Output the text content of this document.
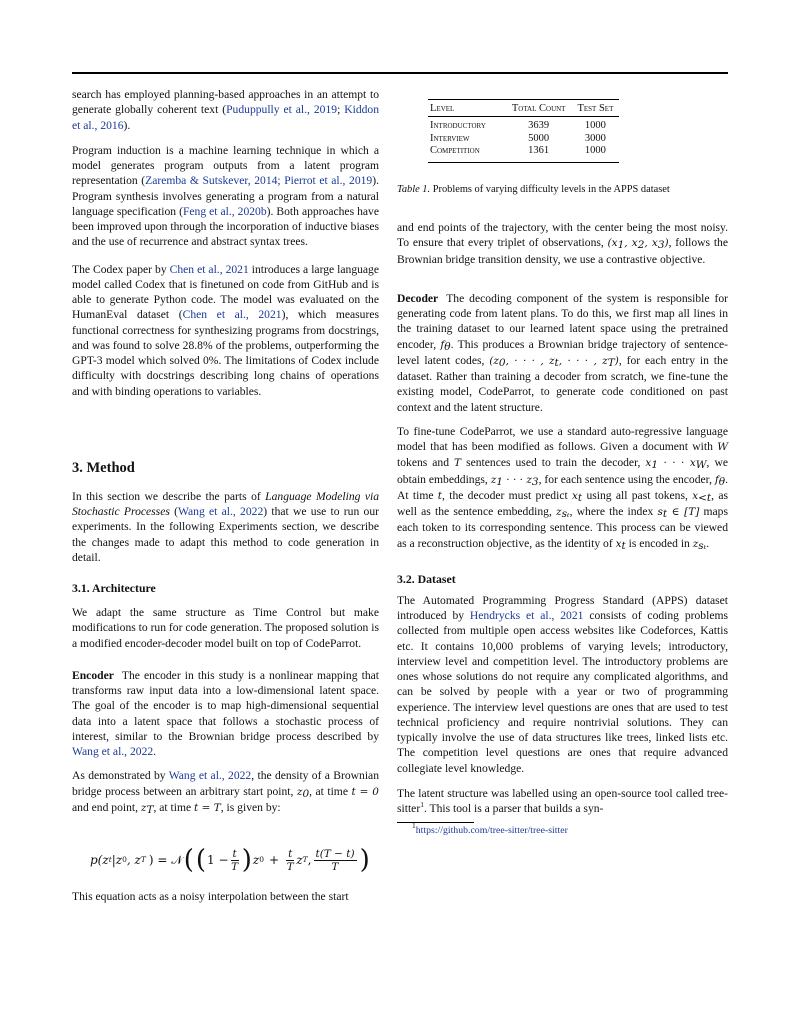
search has employed planning-based approaches in an attempt to generate globally coherent text (Puduppully et al., 2019; Kiddon et al., 2016).

Program induction is a machine learning technique in which a model generates program outputs from a latent program representation (Zaremba & Sutskever, 2014; Pierrot et al., 2019). Program synthesis involves generating a program from a natural language specification (Feng et al., 2020b). Both approaches have been improved upon through the incorporation of inductive biases and the use of recurrence and abstract syntax trees.

The Codex paper by Chen et al., 2021 introduces a large language model called Codex that is finetuned on code from GitHub and is able to generate Python code. The model was evaluated on the HumanEval dataset (Chen et al., 2021), which measures functional correctness for synthesizing programs from docstrings, and was found to solve 28.8% of the problems, outperforming the GPT-3 model which solved 0%. The limitations of Codex include difficulty with docstrings describing long chains of operations and with binding operations to variables.

3. Method

In this section we describe the parts of Language Modeling via Stochastic Processes (Wang et al., 2022) that we use to run our experiments. In the following Experiments section, we describe the changes made to adapt this method to code generation in detail.

3.1. Architecture

We adapt the same structure as Time Control but make modifications to run for code generation. The proposed solution is a modified encoder-decoder model built on top of CodeParrot.

Encoder The encoder in this study is a nonlinear mapping that transforms raw input data into a low-dimensional latent space. The goal of the encoder is to map high-dimensional sequential data into a latent space that follows a stochastic process of interest, similar to the Brownian bridge process described by Wang et al., 2022.

As demonstrated by Wang et al., 2022, the density of a Brownian bridge process between an arbitrary start point, $z_0$, at time t = 0 and end point, $z_T$, at time t = T, is given by:

p(z t |z 0 , z T ) = 𝒩 ( ( $1 - \frac{t}{T}$ ) z $0 + \frac{t}{T}$ z T , $\frac{t(T - t)}{T}$ )

This equation acts as a noisy interpolation between the start

Level	Total Count	Test Set
Introductory	3639	1000
Interview	5000	3000
Competition	1361	1000
Table 1. Problems of varying difficulty levels in the APPS dataset

and end points of the trajectory, with the center being the most noisy. To ensure that every triplet of observations, ($x_1$, $x_2$, $x_3$), follows the Brownian bridge transition density, we use a contrastive objective.

Decoder The decoding component of the system is responsible for generating code from latent plans. To do this, we first map all lines in the training dataset to our learned latent space using the pretrained encoder, $f_\theta$. This produces a Brownian bridge trajectory of sentence-level latent codes, ($z_0$, · · · , $z_t$, · · · , $z_T$), for each entry in the dataset. Rather than training a decoder from scratch, we fine-tune the existing model, CodeParrot, to generate code conditioned on past context and the latent structure.

To fine-tune CodeParrot, we use a standard auto-regressive language model that has been modified as follows. Given a document with W tokens and T sentences used to train the decoder, $x_1$ · · · $x_W$, we obtain embeddings, $z_1$ · · · $z_3$, for each sentence using the encoder, $f_\theta$. At time t, the decoder must predict $x_t$ using all past tokens, $x_{<t}$, as well as the sentence embedding, $z_{s_t}$, where the index $s_t$ ∈ [T] maps each token to its corresponding sentence. This process can be viewed as a reconstruction objective, as the identity of $x_t$ is encoded in $z_{s_t}$.

3.2. Dataset

The Automated Programming Progress Standard (APPS) dataset introduced by Hendrycks et al., 2021 consists of coding problems collected from multiple open access websites like Codeforces, Kattis etc. It contains 10,000 problems of varying levels; introductory, interview level and competition level. The introductory problems are ones whose solutions do not require any complicated algorithms, and can be solved by people with a year or two of programming experience. The interview level questions are ones that are used to test technical proficiency and require nontrivial solutions. They can typically involve the use of data structures like trees, linked lists etc. The competition level questions are ones that require advanced collegiate level knowledge.

The latent structure was labelled using an open-source tool called tree-sitter$^1$. This tool is a parser that builds a syn-

$^1$https://github.com/tree-sitter/tree-sitter
